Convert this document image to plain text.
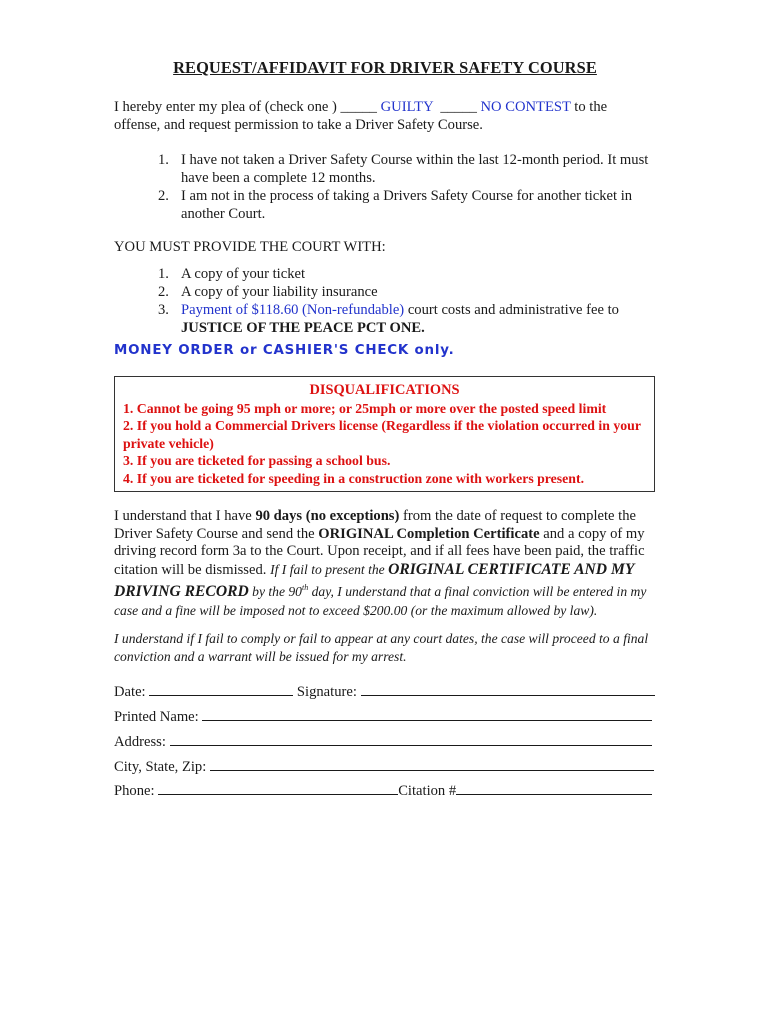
REQUEST/AFFIDAVIT FOR DRIVER SAFETY COURSE
I hereby enter my plea of (check one ) _____ GUILTY  _____ NO CONTEST to the
offense, and request permission to take a Driver Safety Course.
1. I have not taken a Driver Safety Course within the last 12-month period. It must have been a complete 12 months.
2. I am not in the process of taking a Drivers Safety Course for another ticket in another Court.
YOU MUST PROVIDE THE COURT WITH:
1. A copy of your ticket
2. A copy of your liability insurance
3. Payment of $118.60 (Non-refundable) court costs and administrative fee to
JUSTICE OF THE PEACE PCT ONE.
MONEY ORDER or CASHIER'S CHECK only.
DISQUALIFICATIONS
1. Cannot be going 95 mph or more; or 25mph or more over the posted speed limit
2. If you hold a Commercial Drivers license (Regardless if the violation occurred in your private vehicle)
3. If you are ticketed for passing a school bus.
4. If you are ticketed for speeding in a construction zone with workers present.
I understand that I have 90 days (no exceptions) from the date of request to complete the Driver Safety Course and send the ORIGINAL Completion Certificate and a copy of my driving record form 3a to the Court. Upon receipt, and if all fees have been paid, the traffic citation will be dismissed. If I fail to present the ORIGINAL CERTIFICATE AND MY DRIVING RECORD by the 90th day, I understand that a final conviction will be entered in my case and a fine will be imposed not to exceed $200.00 (or the maximum allowed by law).
I understand if I fail to comply or fail to appear at any court dates, the case will proceed to a final conviction and a warrant will be issued for my arrest.
Date:	Signature:
Printed Name:
Address:
City, State, Zip:
Phone:	Citation #
